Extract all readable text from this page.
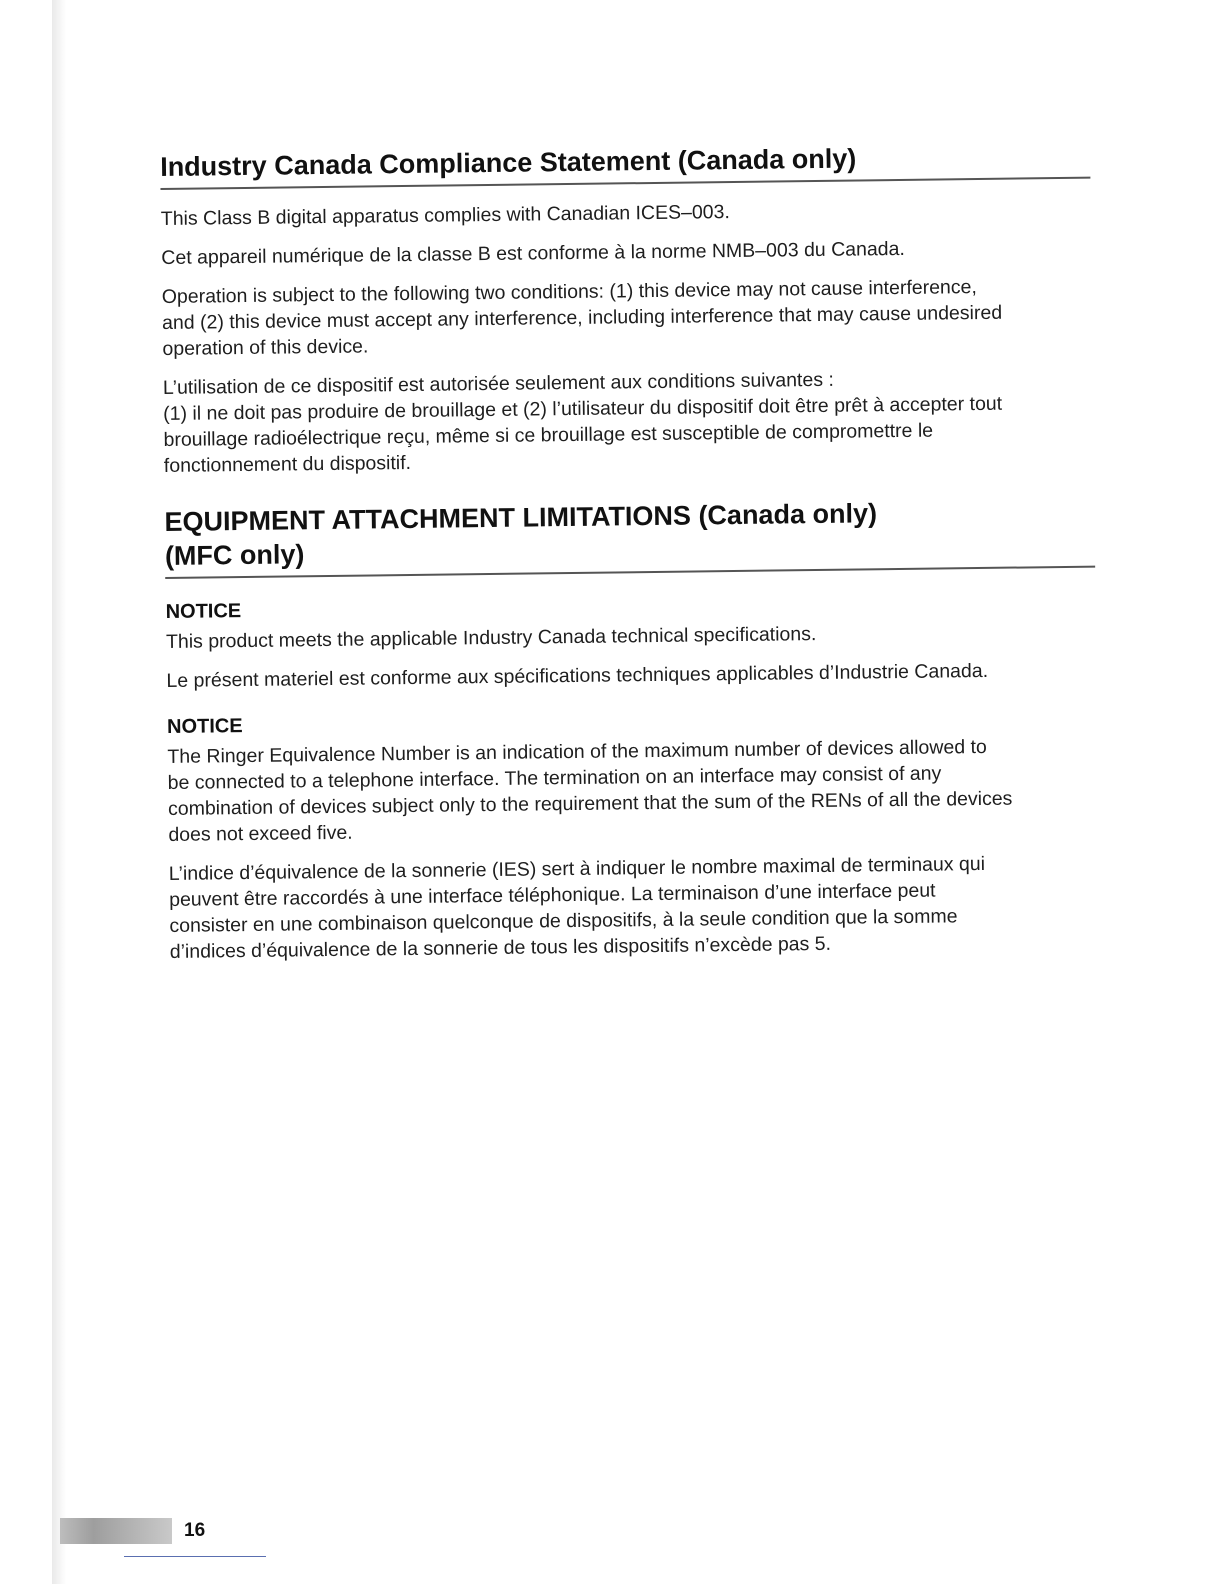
Industry Canada Compliance Statement (Canada only)

This Class B digital apparatus complies with Canadian ICES–003.

Cet appareil numérique de la classe B est conforme à la norme NMB–003 du Canada.

Operation is subject to the following two conditions: (1) this device may not cause interference,
and (2) this device must accept any interference, including interference that may cause undesired
operation of this device.

L’utilisation de ce dispositif est autorisée seulement aux conditions suivantes :
(1) il ne doit pas produire de brouillage et (2) l’utilisateur du dispositif doit être prêt à accepter tout
brouillage radioélectrique reçu, même si ce brouillage est susceptible de compromettre le
fonctionnement du dispositif.

EQUIPMENT ATTACHMENT LIMITATIONS (Canada only)
(MFC only)
NOTICE

This product meets the applicable Industry Canada technical specifications.

Le présent materiel est conforme aux spécifications techniques applicables d’Industrie Canada.

NOTICE

The Ringer Equivalence Number is an indication of the maximum number of devices allowed to
be connected to a telephone interface. The termination on an interface may consist of any
combination of devices subject only to the requirement that the sum of the RENs of all the devices
does not exceed five.

L’indice d’équivalence de la sonnerie (IES) sert à indiquer le nombre maximal de terminaux qui
peuvent être raccordés à une interface téléphonique. La terminaison d’une interface peut
consister en une combinaison quelconque de dispositifs, à la seule condition que la somme
d’indices d’équivalence de la sonnerie de tous les dispositifs n’excède pas 5.

16
